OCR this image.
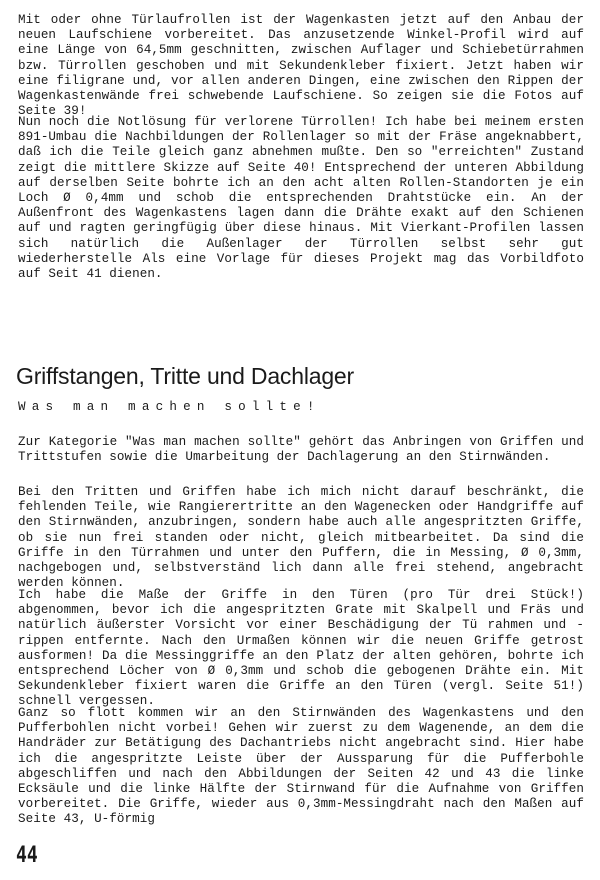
Mit oder ohne Türlaufrollen ist der Wagenkasten jetzt auf den Anbau der neuen Laufschiene vorbereitet. Das anzusetzende Winkel-Profil wird auf eine Länge von 64,5mm geschnitten, zwischen Auflager und Schiebetürrahmen bzw. Türrollen geschoben und mit Sekundenkleber fixiert. Jetzt haben wir eine filigrane und, vor allen anderen Dingen, eine zwischen den Rippen der Wagenkastenwände frei schwebende Laufschiene. So zeigen sie die Fotos auf Seite 39!

Nun noch die Notlösung für verlorene Türrollen! Ich habe bei meinem ersten 891-Umbau die Nachbildungen der Rollenlager so mit der Fräse angeknabbert, daß ich die Teile gleich ganz abnehmen mußte. Den so "erreichten" Zustand zeigt die mittlere Skizze auf Seite 40! Entsprechend der unteren Abbildung auf derselben Seite bohrte ich an den acht alten Rollen-Standorten je ein Loch Ø 0,4mm und schob die entsprechenden Drahtstücke ein. An der Außenfront des Wagenkastens lagen dann die Drähte exakt auf den Schienen auf und ragten geringfügig über diese hinaus. Mit Vierkant-Profilen lassen sich natürlich die Außenlager der Türrollen selbst sehr gut wiederherstelle Als eine Vorlage für dieses Projekt mag das Vorbildfoto auf Seit 41 dienen.

Griffstangen, Tritte und Dachlager

Was man machen sollte!

Zur Kategorie "Was man machen sollte" gehört das Anbringen von Griffen und Trittstufen sowie die Umarbeitung der Dachlagerung an den Stirnwänden.

Bei den Tritten und Griffen habe ich mich nicht darauf beschränkt, die fehlenden Teile, wie Rangierertritte an den Wagenecken oder Handgriffe auf den Stirnwänden, anzubringen, sondern habe auch alle angespritzten Griffe, ob sie nun frei standen oder nicht, gleich mitbearbeitet. Da sind die Griffe in den Türrahmen und unter den Puffern, die in Messing, Ø 0,3mm, nachgebogen und, selbstverständ lich dann alle frei stehend, angebracht werden können.

Ich habe die Maße der Griffe in den Türen (pro Tür drei Stück!) abgenommen, bevor ich die angespritzten Grate mit Skalpell und Fräs und natürlich äußerster Vorsicht vor einer Beschädigung der Tü rahmen und -rippen entfernte. Nach den Urmaßen können wir die neuen Griffe getrost ausformen! Da die Messinggriffe an den Platz der alten gehören, bohrte ich entsprechend Löcher von Ø 0,3mm und schob die gebogenen Drähte ein. Mit Sekundenkleber fixiert waren die Griffe an den Türen (vergl. Seite 51!) schnell vergessen.

Ganz so flott kommen wir an den Stirnwänden des Wagenkastens und den Pufferbohlen nicht vorbei! Gehen wir zuerst zu dem Wagenende, an dem die Handräder zur Betätigung des Dachantriebs nicht angebracht sind. Hier habe ich die angespritzte Leiste über der Aussparung für die Pufferbohle abgeschliffen und nach den Abbildungen der Seiten 42 und 43 die linke Ecksäule und die linke Hälfte der Stirnwand für die Aufnahme von Griffen vorbereitet. Die Griffe, wieder aus 0,3mm-Messingdraht nach den Maßen auf Seite 43, U-förmig

44
